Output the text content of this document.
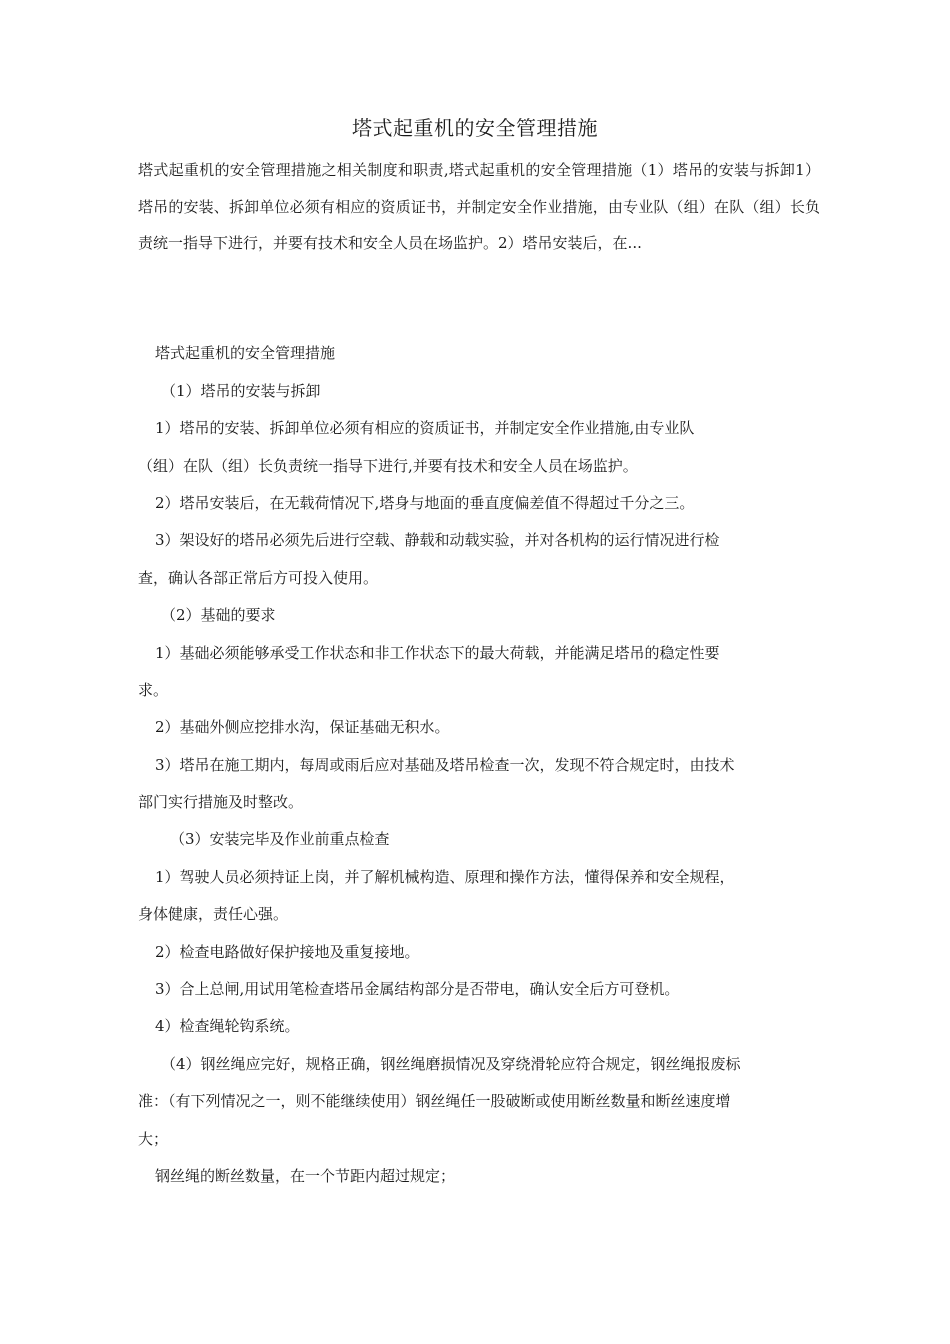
塔式起重机的安全管理措施

塔式起重机的安全管理措施之相关制度和职责,塔式起重机的安全管理措施（1）塔吊的安装与拆卸1）塔吊的安装、拆卸单位必须有相应的资质证书，并制定安全作业措施，由专业队（组）在队（组）长负责统一指导下进行，并要有技术和安全人员在场监护。2）塔吊安装后，在...

塔式起重机的安全管理措施

（1）塔吊的安装与拆卸

1）塔吊的安装、拆卸单位必须有相应的资质证书，并制定安全作业措施,由专业队

（组）在队（组）长负责统一指导下进行,并要有技术和安全人员在场监护。

2）塔吊安装后，在无载荷情况下,塔身与地面的垂直度偏差值不得超过千分之三。

3）架设好的塔吊必须先后进行空载、静载和动载实验，并对各机构的运行情况进行检

查，确认各部正常后方可投入使用。

（2）基础的要求

1）基础必须能够承受工作状态和非工作状态下的最大荷载，并能满足塔吊的稳定性要

求。

2）基础外侧应挖排水沟，保证基础无积水。

3）塔吊在施工期内，每周或雨后应对基础及塔吊检查一次，发现不符合规定时，由技术

部门实行措施及时整改。

（3）安装完毕及作业前重点检查

1）驾驶人员必须持证上岗，并了解机械构造、原理和操作方法，懂得保养和安全规程，

身体健康，责任心强。

2）检查电路做好保护接地及重复接地。

3）合上总闸,用试用笔检查塔吊金属结构部分是否带电，确认安全后方可登机。

4）检查绳轮钩系统。

（4）钢丝绳应完好，规格正确，钢丝绳磨损情况及穿绕滑轮应符合规定，钢丝绳报废标

准：（有下列情况之一，则不能继续使用）钢丝绳任一股破断或使用断丝数量和断丝速度增

大；

钢丝绳的断丝数量，在一个节距内超过规定；
